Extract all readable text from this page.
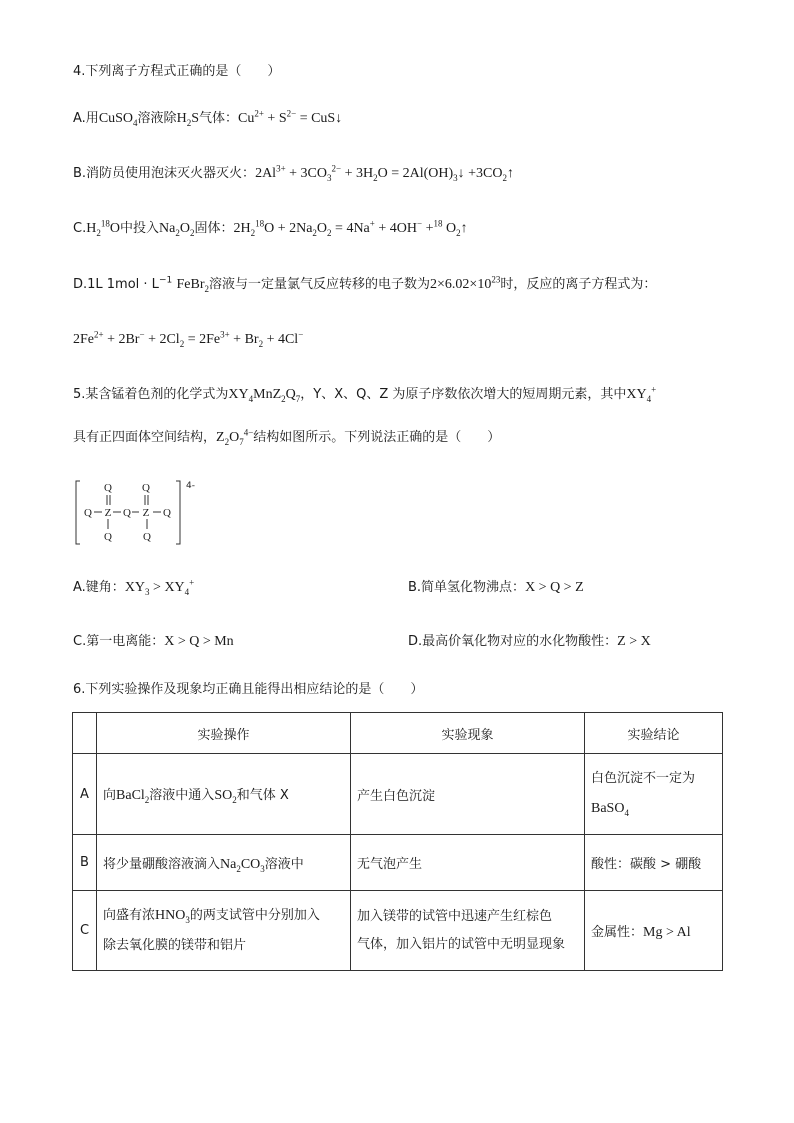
4.下列离子方程式正确的是（　　）
A.用CuSO$_4$溶液除$H_2S$气体：$Cu^{2+} + S^{2-}$ = CuS↓
B.消防员使用泡沫灭火器灭火：$2Al^{3+} + 3CO_3^{2-} + 3H_2O$ = $2Al(OH)_3↓$ $+3CO_2↑$
$C.H_2^{18}O$中投入$Na_2O_2$固体：$2H_2^{18}O + 2Na_2O_2 = 4Na^+ + 4OH^- +^{18}$ $O_2↑$
D.1L $1mol \cdot L^{-1}$ FeBr$_2$溶液与一定量氯气反应转移的电子数为$2\times 6.02\times 10^{23}$时，反应的离子方程式为：
$2Fe^{2+} + 2Br^- + 2Cl_2 = 2Fe^{3+} + Br_2 + 4Cl^-$
5.某含锰着色剂的化学式为$XY_4MnZ_2Q_7$，Y、X、Q、Z 为原子序数依次增大的短周期元素，其中$XY_4^+$
具有正四面体空间结构，$Z_2O_7^{4-}$结构如图所示。下列说法正确的是（　　）
Q	Q
Q Z Q Z Q
Q	Q
4-
A.键角：$XY_3 > XY_4^+$	B.简单氢化物沸点：X > Q > Z
C.第一电离能：X > Q > Mn	D.最高价氧化物对应的水化物酸性：Z > X
6.下列实验操作及现象均正确且能得出相应结论的是（　　）
	实验操作	实验现象	实验结论
A	向BaCl$_2$溶液中通入$SO_2$和气体 X	产生白色沉淀	白色沉淀不一定为
BaSO$_4$
B	将少量硼酸溶液滴入$Na_2CO_3$溶液中	无气泡产生	酸性：碳酸 > 硼酸
C	向盛有浓$HNO_3$的两支试管中分别加入
除去氧化膜的镁带和铝片	加入镁带的试管中迅速产生红棕色
气体，加入铝片的试管中无明显现象	金属性：Mg > Al
